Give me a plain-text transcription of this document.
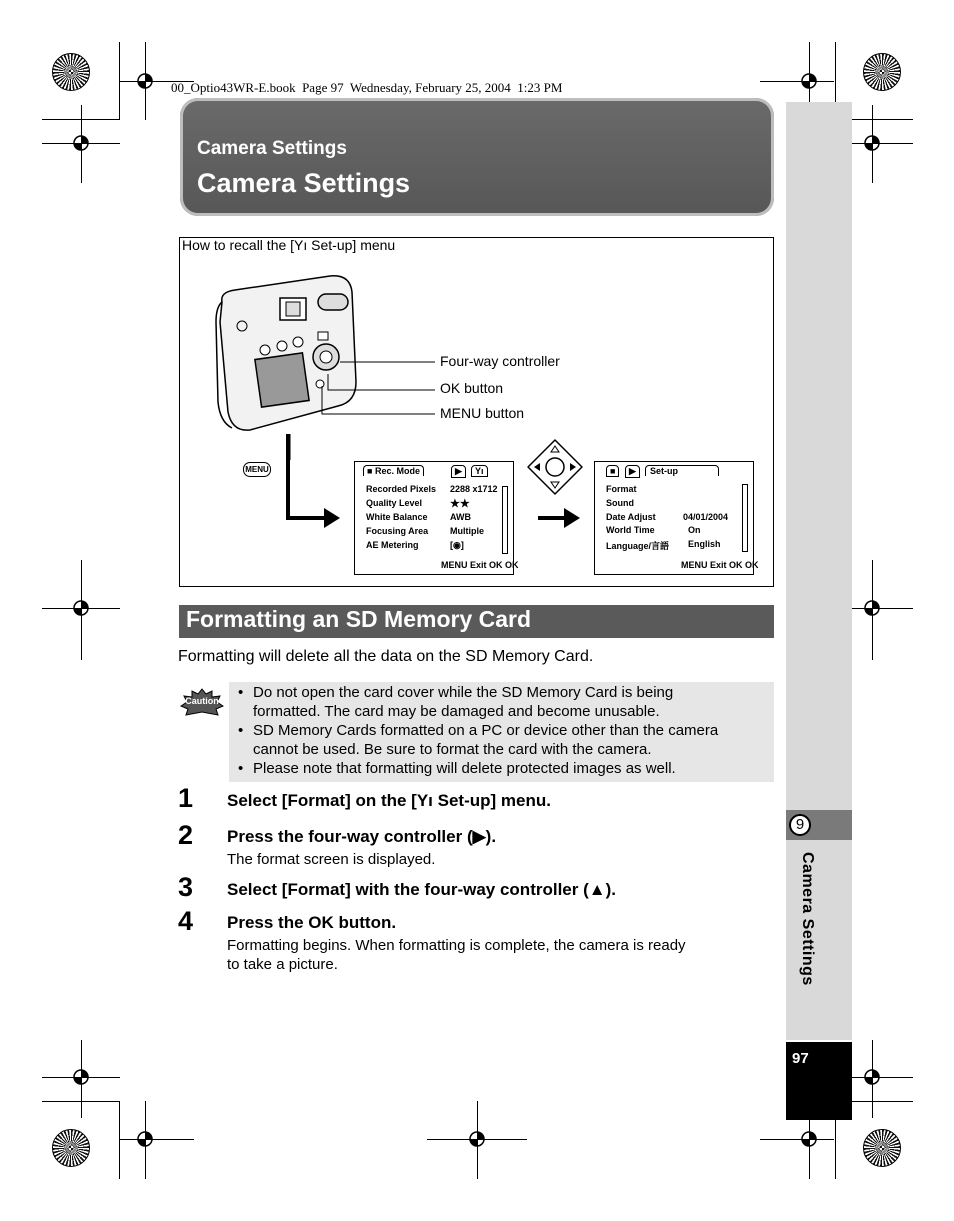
00_Optio43WR-E.book  Page 97  Wednesday, February 25, 2004  1:23 PM
Camera Settings
Camera Settings
9
Camera Settings
97
How to recall the [Yı Set-up] menu
Four-way controller
OK button
MENU button
MENU	■ Rec. Mode	▶	Yı
Recorded Pixels 2288 x1712
Quality Level	★★
White Balance AWB
Focusing Area Multiple
AE Metering	[◉]
MENU Exit OK OK
■	▶	Set-up
Format
Sound
Date Adjust	04/01/2004
World Time	On
Language/言語 English
MENU Exit OK OK
Formatting an SD Memory Card
Formatting will delete all the data on the SD Memory Card.
Caution • Do not open the card cover while the SD Memory Card is being
formatted. The card may be damaged and become unusable.
• SD Memory Cards formatted on a PC or device other than the camera
cannot be used. Be sure to format the card with the camera.
• Please note that formatting will delete protected images as well.
1 Select [Format] on the [Yı Set-up] menu.
2 Press the four-way controller (▶).
The format screen is displayed.
3 Select [Format] with the four-way controller (▲).
4 Press the OK button.
Formatting begins. When formatting is complete, the camera is ready
to take a picture.
